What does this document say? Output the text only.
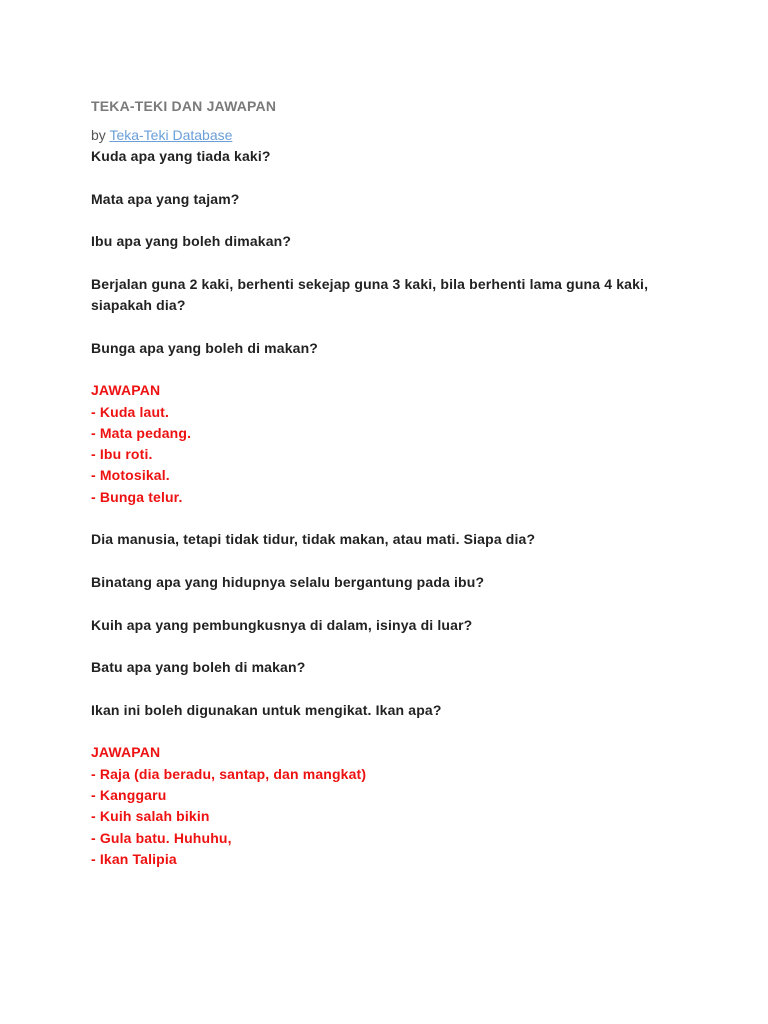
TEKA-TEKI DAN JAWAPAN
by Teka-Teki Database
Kuda apa yang tiada kaki?
Mata apa yang tajam?
Ibu apa yang boleh dimakan?
Berjalan guna 2 kaki, berhenti sekejap guna 3 kaki, bila berhenti lama guna 4 kaki, siapakah dia?
Bunga apa yang boleh di makan?
JAWAPAN
- Kuda laut.
- Mata pedang.
- Ibu roti.
- Motosikal.
- Bunga telur.
Dia manusia, tetapi tidak tidur, tidak makan, atau mati. Siapa dia?
Binatang apa yang hidupnya selalu bergantung pada ibu?
Kuih apa yang pembungkusnya di dalam, isinya di luar?
Batu apa yang boleh di makan?
Ikan ini boleh digunakan untuk mengikat. Ikan apa?
JAWAPAN
- Raja (dia beradu, santap, dan mangkat)
- Kanggaru
- Kuih salah bikin
- Gula batu. Huhuhu,
- Ikan Talipia
